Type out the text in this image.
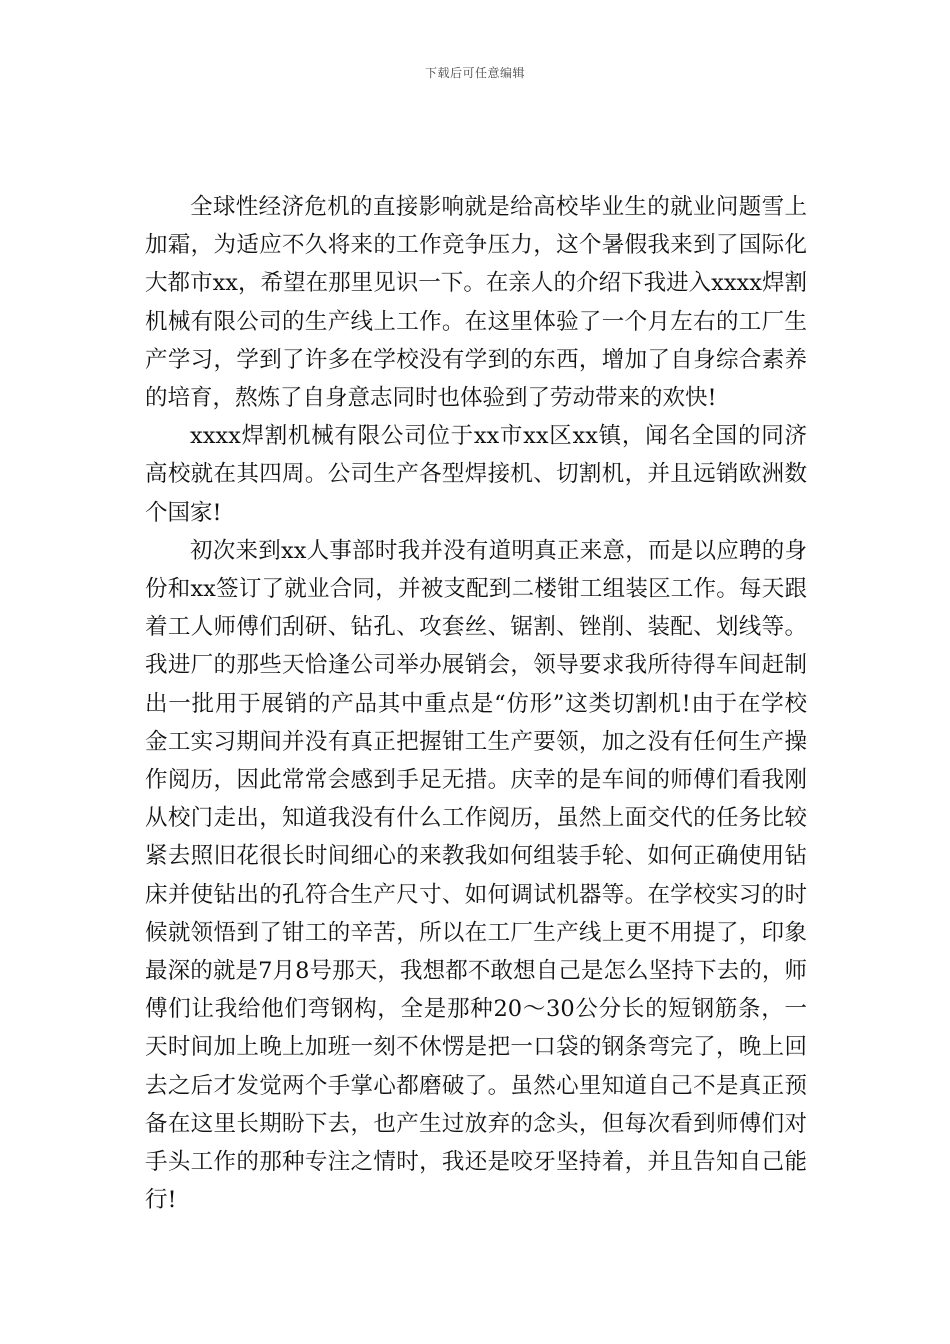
下载后可任意编辑

全球性经济危机的直接影响就是给高校毕业生的就业问题雪上加霜，为适应不久将来的工作竞争压力，这个暑假我来到了国际化大都市xx，希望在那里见识一下。在亲人的介绍下我进入xxxx焊割机械有限公司的生产线上工作。在这里体验了一个月左右的工厂生产学习，学到了许多在学校没有学到的东西，增加了自身综合素养的培育，熬炼了自身意志同时也体验到了劳动带来的欢快!

xxxx焊割机械有限公司位于xx市xx区xx镇，闻名全国的同济高校就在其四周。公司生产各型焊接机、切割机，并且远销欧洲数个国家!

初次来到xx人事部时我并没有道明真正来意，而是以应聘的身份和xx签订了就业合同，并被支配到二楼钳工组装区工作。每天跟着工人师傅们刮研、钻孔、攻套丝、锯割、锉削、装配、划线等。我进厂的那些天恰逢公司举办展销会，领导要求我所待得车间赶制出一批用于展销的产品其中重点是“仿形”这类切割机!由于在学校金工实习期间并没有真正把握钳工生产要领，加之没有任何生产操作阅历，因此常常会感到手足无措。庆幸的是车间的师傅们看我刚从校门走出，知道我没有什么工作阅历，虽然上面交代的任务比较紧去照旧花很长时间细心的来教我如何组装手轮、如何正确使用钻床并使钻出的孔符合生产尺寸、如何调试机器等。在学校实习的时候就领悟到了钳工的辛苦，所以在工厂生产线上更不用提了，印象最深的就是7月8号那天，我想都不敢想自己是怎么坚持下去的，师傅们让我给他们弯钢构，全是那种20～30公分长的短钢筋条，一天时间加上晚上加班一刻不休愣是把一口袋的钢条弯完了，晚上回去之后才发觉两个手掌心都磨破了。虽然心里知道自己不是真正预备在这里长期盼下去，也产生过放弃的念头，但每次看到师傅们对手头工作的那种专注之情时，我还是咬牙坚持着，并且告知自己能行!
